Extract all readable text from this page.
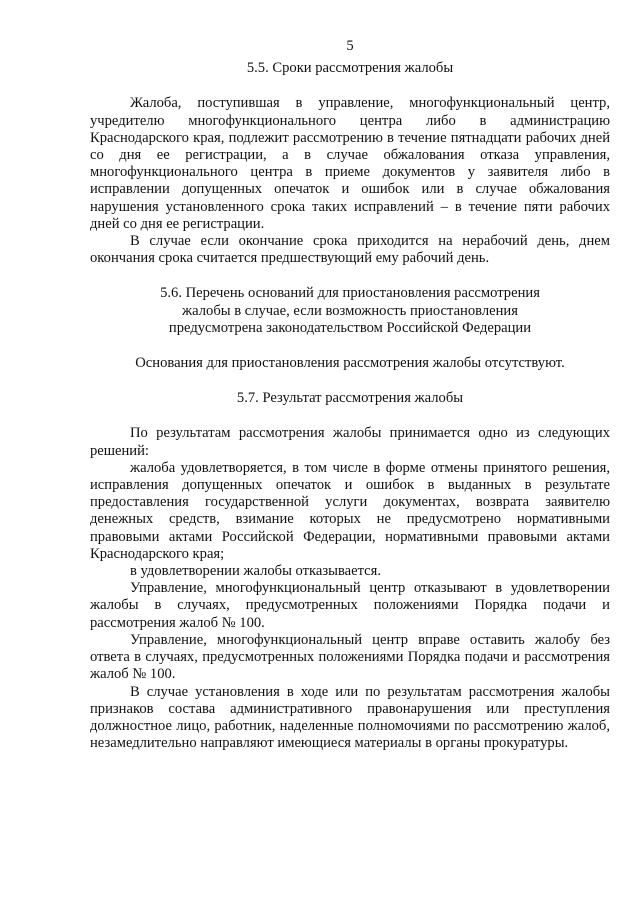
5
5.5. Сроки рассмотрения жалобы

Жалоба, поступившая в управление, многофункциональный центр, учредителю многофункционального центра либо в администрацию Краснодарского края, подлежит рассмотрению в течение пятнадцати рабочих дней со дня ее регистрации, а в случае обжалования отказа управления, многофункционального центра в приеме документов у заявителя либо в исправлении допущенных опечаток и ошибок или в случае обжалования нарушения установленного срока таких исправлений – в течение пяти рабочих дней со дня ее регистрации.

В случае если окончание срока приходится на нерабочий день, днем окончания срока считается предшествующий ему рабочий день.

5.6. Перечень оснований для приостановления рассмотрения
жалобы в случае, если возможность приостановления
предусмотрена законодательством Российской Федерации

Основания для приостановления рассмотрения жалобы отсутствуют.

5.7. Результат рассмотрения жалобы

По результатам рассмотрения жалобы принимается одно из следующих решений:

жалоба удовлетворяется, в том числе в форме отмены принятого решения, исправления допущенных опечаток и ошибок в выданных в результате предоставления государственной услуги документах, возврата заявителю денежных средств, взимание которых не предусмотрено нормативными правовыми актами Российской Федерации, нормативными правовыми актами Краснодарского края;

в удовлетворении жалобы отказывается.

Управление, многофункциональный центр отказывают в удовлетворении жалобы в случаях, предусмотренных положениями Порядка подачи и рассмотрения жалоб № 100.

Управление, многофункциональный центр вправе оставить жалобу без ответа в случаях, предусмотренных положениями Порядка подачи и рассмотрения жалоб № 100.

В случае установления в ходе или по результатам рассмотрения жалобы признаков состава административного правонарушения или преступления должностное лицо, работник, наделенные полномочиями по рассмотрению жалоб, незамедлительно направляют имеющиеся материалы в органы прокуратуры.
